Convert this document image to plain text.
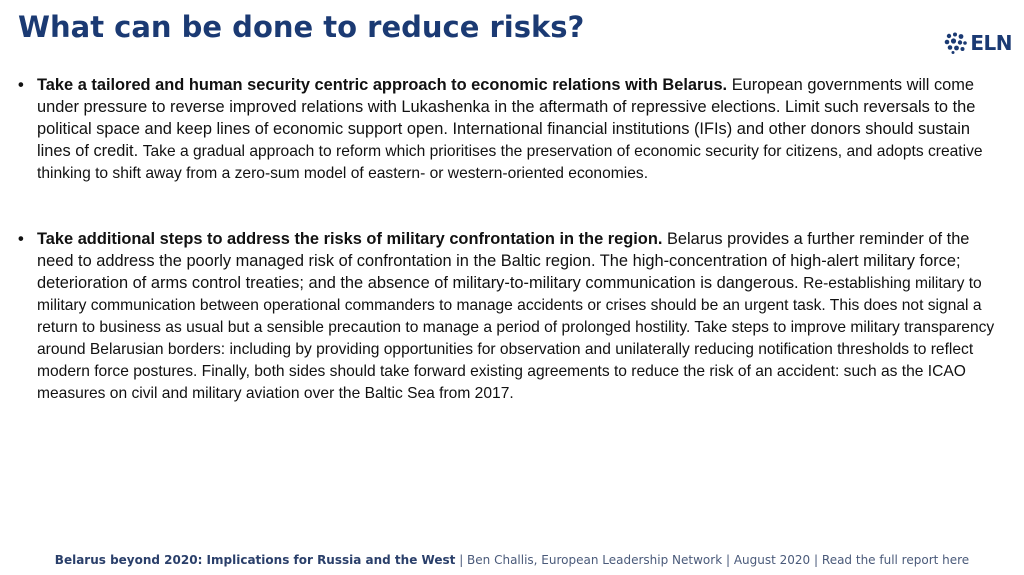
What can be done to reduce risks?	ELN
• Take a tailored and human security centric approach to economic relations with Belarus. European governments will come under pressure to reverse improved relations with Lukashenka in the aftermath of repressive elections. Limit such reversals to the political space and keep lines of economic support open. International financial institutions (IFIs) and other donors should sustain lines of credit. Take a gradual approach to reform which prioritises the preservation of economic security for citizens, and adopts creative thinking to shift away from a zero-sum model of eastern- or western-oriented economies.
• Take additional steps to address the risks of military confrontation in the region. Belarus provides a further reminder of the need to address the poorly managed risk of confrontation in the Baltic region. The high-concentration of high-alert military force; deterioration of arms control treaties; and the absence of military-to-military communication is dangerous. Re-establishing military to military communication between operational commanders to manage accidents or crises should be an urgent task. This does not signal a return to business as usual but a sensible precaution to manage a period of prolonged hostility. Take steps to improve military transparency around Belarusian borders: including by providing opportunities for observation and unilaterally reducing notification thresholds to reflect modern force postures. Finally, both sides should take forward existing agreements to reduce the risk of an accident: such as the ICAO measures on civil and military aviation over the Baltic Sea from 2017.
Belarus beyond 2020: Implications for Russia and the West | Ben Challis, European Leadership Network | August 2020 | Read the full report here
